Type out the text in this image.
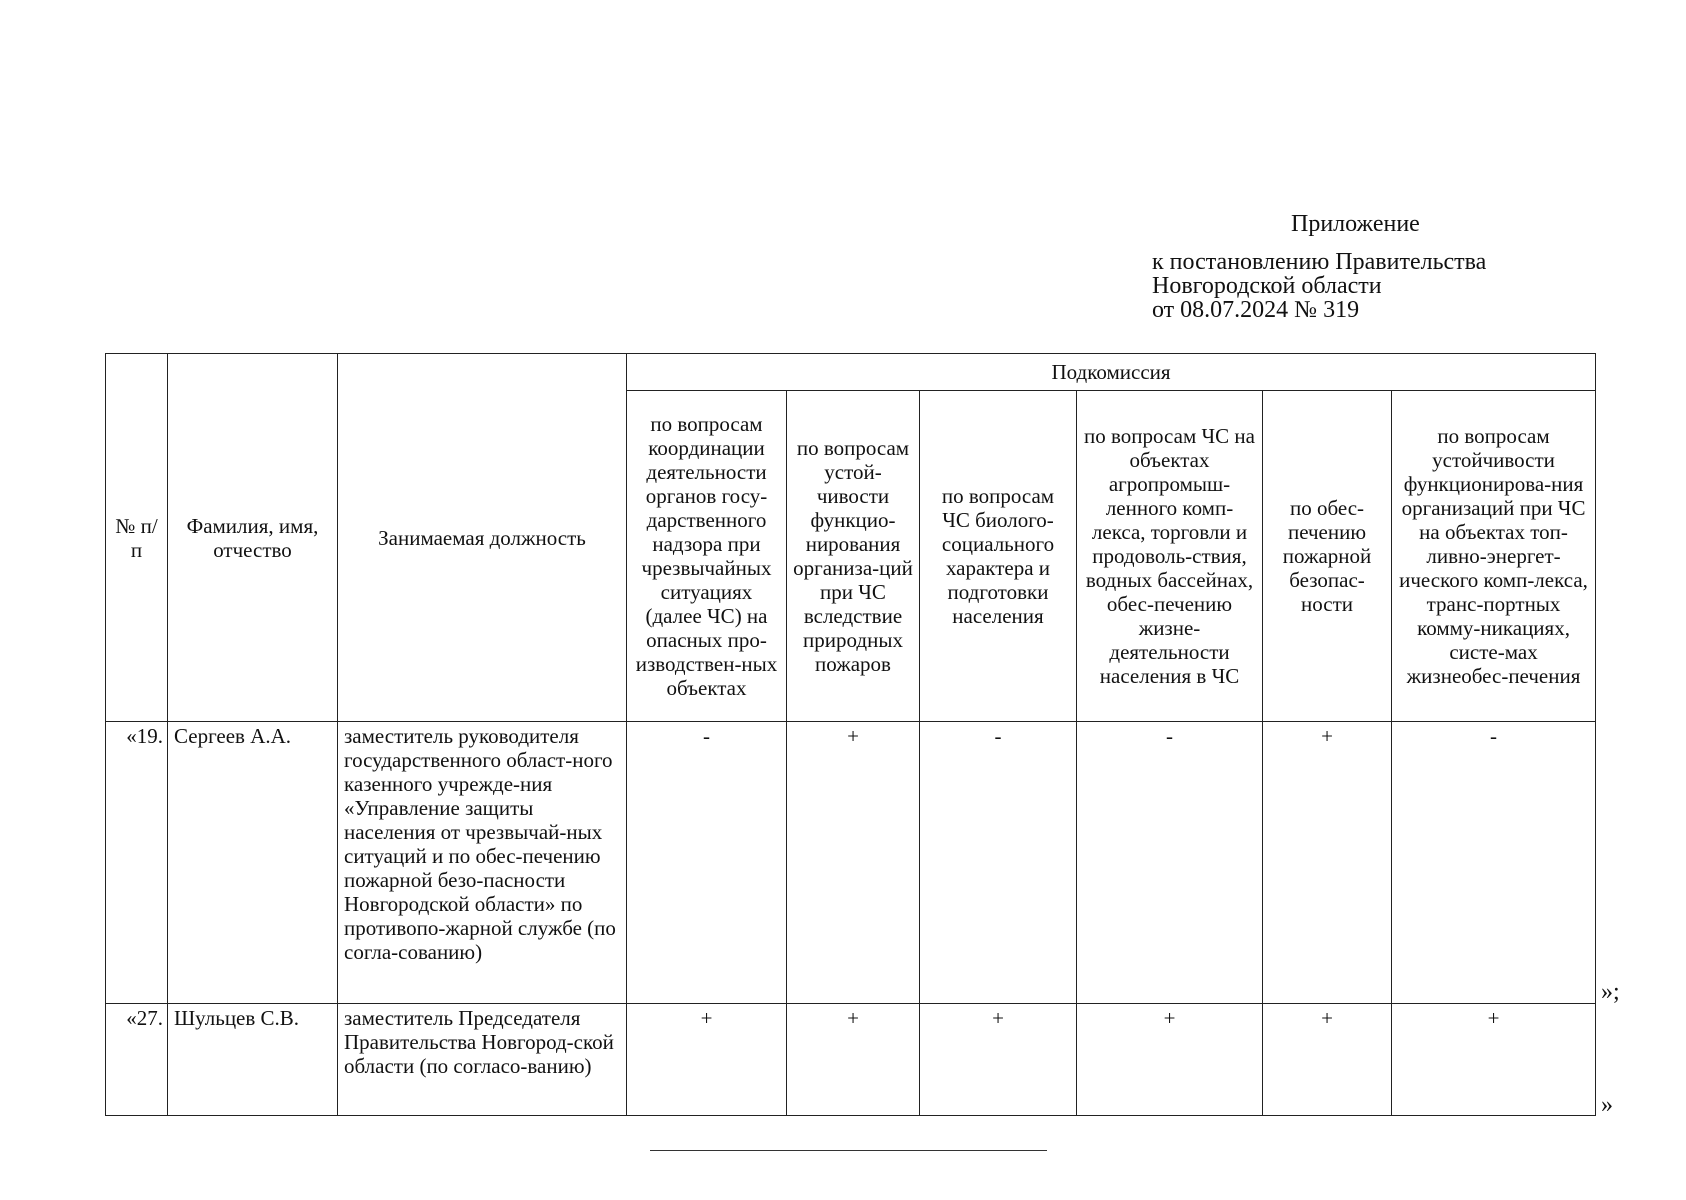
Приложение
к постановлению Правительства
Новгородской области
от 08.07.2024 № 319
№ п/п	Фамилия, имя, отчество	Занимаемая должность	Подкомиссия					
			по вопросам координации деятельности органов госу-дарственного надзора при чрезвычайных ситуациях (далее ЧС) на опасных про-изводствен-ных объектах	по вопросам устой-чивости функцио-нирования организа-ций при ЧС вследствие природных пожаров	по вопросам ЧС биолого-социального характера и подготовки населения	по вопросам ЧС на объектах агропромыш-ленного комп-лекса, торговли и продоволь-ствия, водных бассейнах, обес-печению жизне-деятельности населения в ЧС	по обес-печению пожарной безопас-ности	по вопросам устойчивости функционирова-ния организаций при ЧС на объектах топ-ливно-энергет-ического комп-лекса, транс-портных комму-никациях, систе-мах жизнеобес-печения
«19.	Сергеев А.А.	заместитель руководителя государственного област-ного казенного учрежде-ния «Управление защиты населения от чрезвычай-ных ситуаций и по обес-печению пожарной безо-пасности Новгородской области» по противопо-жарной службе (по согла-сованию)	-	+	-	-	+	-
«27.	Шульцев С.В.	заместитель Председателя Правительства Новгород-ской области (по согласо-ванию)	+	+	+	+	+	+
»;
»
